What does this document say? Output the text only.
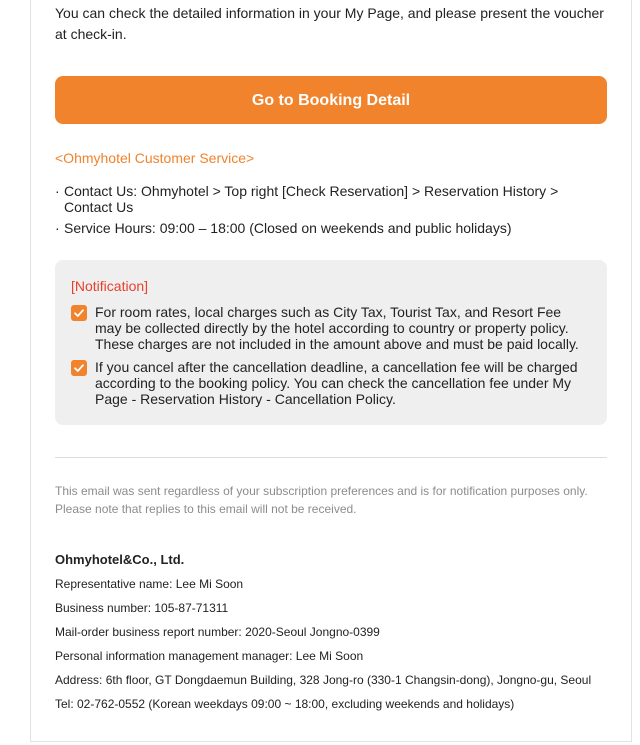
You can check the detailed information in your My Page, and please present the voucher at check-in.
Go to Booking Detail
<Ohmyhotel Customer Service>
· Contact Us: Ohmyhotel > Top right [Check Reservation] > Reservation History > Contact Us
· Service Hours: 09:00 – 18:00 (Closed on weekends and public holidays)
[Notification]
For room rates, local charges such as City Tax, Tourist Tax, and Resort Fee may be collected directly by the hotel according to country or property policy. These charges are not included in the amount above and must be paid locally.
If you cancel after the cancellation deadline, a cancellation fee will be charged according to the booking policy. You can check the cancellation fee under My Page - Reservation History - Cancellation Policy.
This email was sent regardless of your subscription preferences and is for notification purposes only. Please note that replies to this email will not be received.
Ohmyhotel&Co., Ltd.
Representative name: Lee Mi Soon
Business number: 105-87-71311
Mail-order business report number: 2020-Seoul Jongno-0399
Personal information management manager: Lee Mi Soon
Address: 6th floor, GT Dongdaemun Building, 328 Jong-ro (330-1 Changsin-dong), Jongno-gu, Seoul
Tel: 02-762-0552 (Korean weekdays 09:00 ~ 18:00, excluding weekends and holidays)
